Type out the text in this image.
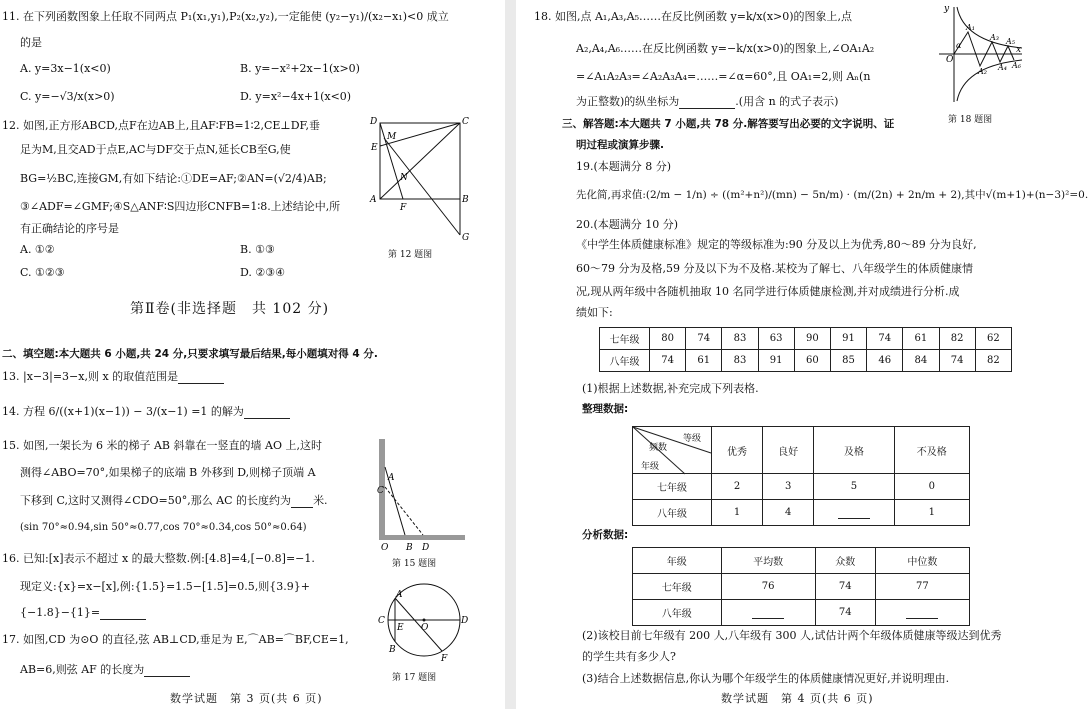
11. 在下列函数图象上任取不同两点 P₁(x₁,y₁),P₂(x₂,y₂),一定能使 (y₂−y₁)/(x₂−x₁)<0 成立
的是
A. y=3x−1(x<0)	B. y=−x²+2x−1(x>0)
C. y=−√3/x(x>0)	D. y=x²−4x+1(x<0)
12. 如图,正方形ABCD,点F在边AB上,且AF∶FB=1∶2,CE⊥DF,垂
足为M,且交AD于点E,AC与DF交于点N,延长CB至G,使
BG=½BC,连接GM,有如下结论:①DE=AF;②AN=(√2/4)AB;
③∠ADF=∠GMF;④S△ANF∶S四边形CNFB=1∶8.上述结论中,所
有正确结论的序号是
A. ①②	B. ①③
C. ①②③	D. ②③④
D	C
M
E
N
B
A
F
G
第 12 题图
第Ⅱ卷(非选择题　共 102 分)
二、填空题:本大题共 6 小题,共 24 分,只要求填写最后结果,每小题填对得 4 分.
13. |x−3|=3−x,则 x 的取值范围是
14. 方程 6/((x+1)(x−1)) − 3/(x−1) =1 的解为
15. 如图,一架长为 6 米的梯子 AB 斜靠在一竖直的墙 AO 上,这时
测得∠ABO=70°,如果梯子的底端 B 外移到 D,则梯子顶端 A
下移到 C,这时又测得∠CDO=50°,那么 AC 的长度约为 米.
(sin 70°≈0.94,sin 50°≈0.77,cos 70°≈0.34,cos 50°≈0.64)
A
C
O B D
第 15 题图
16. 已知:[x]表示不超过 x 的最大整数.例:[4.8]=4,[−0.8]=−1.
现定义:{x}=x−[x],例:{1.5}=1.5−[1.5]=0.5,则{3.9}+
{−1.8}−{1}=
17. 如图,CD 为⊙O 的直径,弦 AB⊥CD,垂足为 E,⌒AB=⌒BF,CE=1,
AB=6,则弦 AF 的长度为
A
C
E O
D
B
F
第 17 题图
数学试题　第 3 页(共 6 页)
18. 如图,点 A₁,A₃,A₅……在反比例函数 y=k/x(x>0)的图象上,点
A₂,A₄,A₆……在反比例函数 y=−k/x(x>0)的图象上,∠OA₁A₂
=∠A₁A₂A₃=∠A₂A₃A₄=……=∠α=60°,且 OA₁=2,则 Aₙ(n
为正整数)的纵坐标为	.(用含 n 的式子表示)
y
x
O
α
A₁
A₂
A₃
A₄
A₅
A₆
第 18 题图
三、解答题:本大题共 7 小题,共 78 分.解答要写出必要的文字说明、证
明过程或演算步骤.
19.(本题满分 8 分)
先化简,再求值:(2/m − 1/n) ÷ ((m²+n²)/(mn) − 5n/m) · (m/(2n) + 2n/m + 2),其中√(m+1)+(n−3)²=0.
20.(本题满分 10 分)
《中学生体质健康标准》规定的等级标准为:90 分及以上为优秀,80～89 分为良好,
60～79 分为及格,59 分及以下为不及格.某校为了解七、八年级学生的体质健康情
况,现从两年级中各随机抽取 10 名同学进行体质健康检测,并对成绩进行分析.成
绩如下:
七年级	80	74	83	63	90	91	74	61	82	62
八年级	74	61	83	91	60	85	46	84	74	82
(1)根据上述数据,补充完成下列表格.
整理数据:
等级
频数
年级	优秀	良好	及格	不及格
七年级	2	3	5	0
八年级	1	4		1
分析数据:
年级	平均数	众数	中位数
七年级	76	74	77
八年级		74	
(2)该校目前七年级有 200 人,八年级有 300 人,试估计两个年级体质健康等级达到优秀
的学生共有多少人?
(3)结合上述数据信息,你认为哪个年级学生的体质健康情况更好,并说明理由.
数学试题　第 4 页(共 6 页)
